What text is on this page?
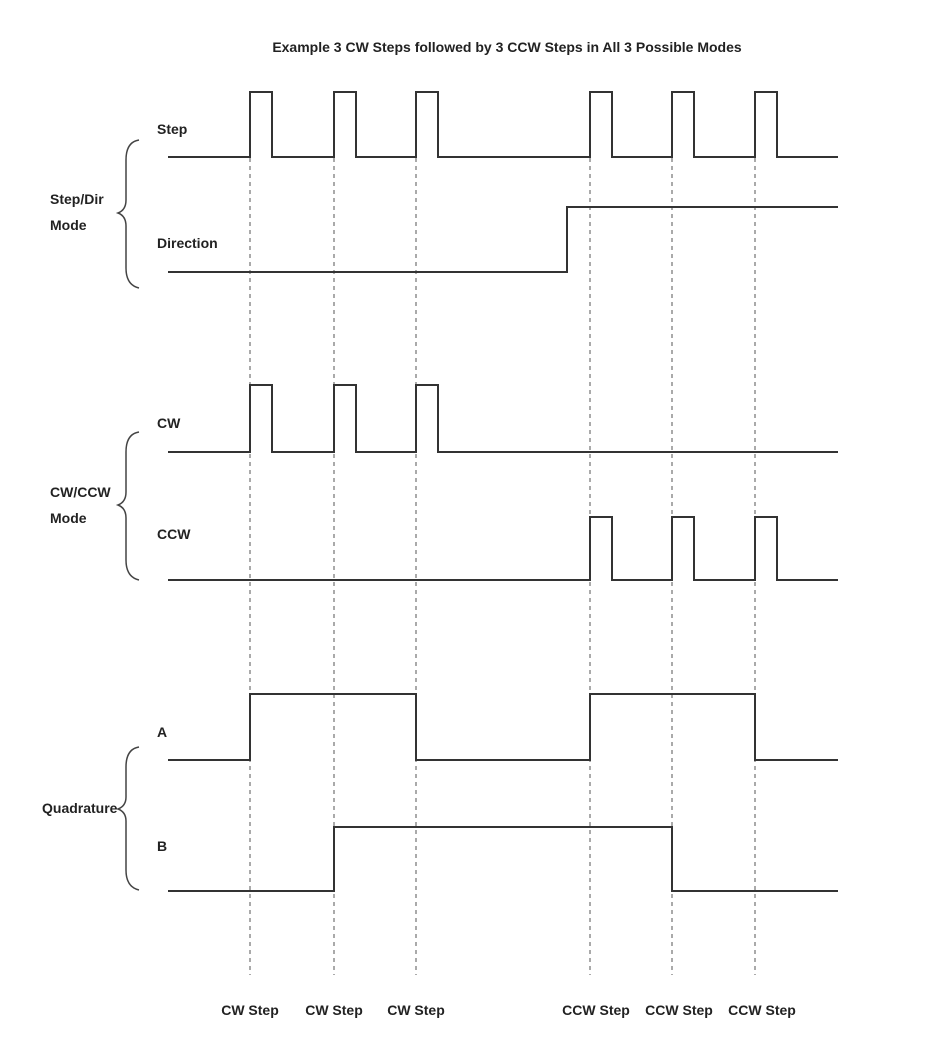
Example 3 CW Steps followed by 3 CCW Steps in All 3 Possible Modes
Step/Dir
Mode
Step
Direction
CW/CCW
Mode
CW
CCW
Quadrature
A
B
CW Step CW Step CW Step	CCW Step CCW Step CCW Step
